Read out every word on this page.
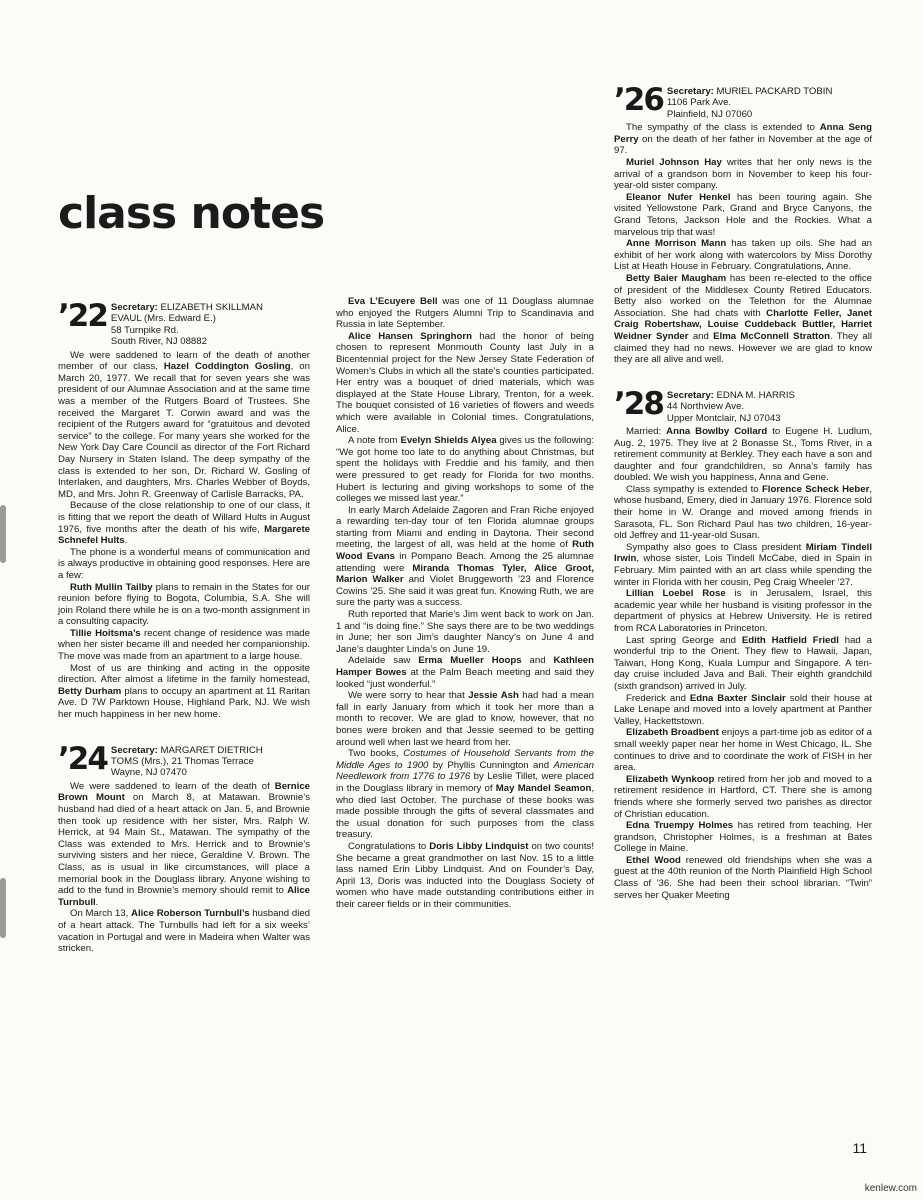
class notes
’22 Secretary: ELIZABETH SKILLMAN
EVAUL (Mrs. Edward E.)
58 Turnpike Rd.
South River, NJ 08882

We were saddened to learn of the death of another member of our class, Hazel Coddington Gosling, on March 20, 1977. We recall that for seven years she was president of our Alumnae Association and at the same time was a member of the Rutgers Board of Trustees. She received the Margaret T. Corwin award and was the recipient of the Rutgers award for “gratuitous and devoted service” to the college. For many years she worked for the New York Day Care Council as director of the Fort Richard Day Nursery in Staten Island. The deep sympathy of the class is extended to her son, Dr. Richard W. Gosling of Interlaken, and daughters, Mrs. Charles Webber of Boyds, MD, and Mrs. John R. Greenway of Carlisle Barracks, PA.

Because of the close relationship to one of our class, it is fitting that we report the death of Willard Hults in August 1976, five months after the death of his wife, Margarete Schnefel Hults.

The phone is a wonderful means of communication and is always productive in obtaining good responses. Here are a few:

Ruth Mullin Tailby plans to remain in the States for our reunion before flying to Bogota, Columbia, S.A. She will join Roland there while he is on a two-month assignment in a consulting capacity.

Tillie Hoitsma’s recent change of residence was made when her sister became ill and needed her companionship. The move was made from an apartment to a large house.

Most of us are thinking and acting in the opposite direction. After almost a lifetime in the family homestead, Betty Durham plans to occupy an apartment at 11 Raritan Ave. D 7W Parktown House, Highland Park, NJ. We wish her much happiness in her new home.

’24 Secretary: MARGARET DIETRICH
TOMS (Mrs.), 21 Thomas Terrace
Wayne, NJ 07470

We were saddened to learn of the death of Bernice Brown Mount on March 8, at Matawan. Brownie’s husband had died of a heart attack on Jan. 5, and Brownie then took up residence with her sister, Mrs. Ralph W. Herrick, at 94 Main St., Matawan. The sympathy of the Class was extended to Mrs. Herrick and to Brownie’s surviving sisters and her niece, Geraldine V. Brown. The Class, as is usual in like circumstances, will place a memorial book in the Douglass library. Anyone wishing to add to the fund in Brownie’s memory should remit to Alice Turnbull.

On March 13, Alice Roberson Turnbull’s husband died of a heart attack. The Turnbulls had left for a six weeks’ vacation in Portugal and were in Madeira when Walter was stricken.

Eva L’Ecuyere Bell was one of 11 Douglass alumnae who enjoyed the Rutgers Alumni Trip to Scandinavia and Russia in late September.

Alice Hansen Springhorn had the honor of being chosen to represent Monmouth County last July in a Bicentennial project for the New Jersey State Federation of Women’s Clubs in which all the state’s counties participated. Her entry was a bouquet of dried materials, which was displayed at the State House Library, Trenton, for a week. The bouquet consisted of 16 varieties of flowers and weeds which were available in Colonial times. Congratulations, Alice.

A note from Evelyn Shields Alyea gives us the following: “We got home too late to do anything about Christmas, but spent the holidays with Freddie and his family, and then were pressured to get ready for Florida for two months. Hubert is lecturing and giving workshops to some of the colleges we missed last year.”

In early March Adelaide Zagoren and Fran Riche enjoyed a rewarding ten-day tour of ten Florida alumnae groups starting from Miami and ending in Daytona. Their second meeting, the largest of all, was held at the home of Ruth Wood Evans in Pompano Beach. Among the 25 alumnae attending were Miranda Thomas Tyler, Alice Groot, Marion Walker and Violet Bruggeworth ’23 and Florence Cowins ’25. She said it was great fun. Knowing Ruth, we are sure the party was a success.

Ruth reported that Marie’s Jim went back to work on Jan. 1 and “is doing fine.” She says there are to be two weddings in June; her son Jim’s daughter Nancy’s on June 4 and Jane’s daughter Linda’s on June 19.

Adelaide saw Erma Mueller Hoops and Kathleen Hamper Bowes at the Palm Beach meeting and said they looked “just wonderful.”

We were sorry to hear that Jessie Ash had had a mean fall in early January from which it took her more than a month to recover. We are glad to know, however, that no bones were broken and that Jessie seemed to be getting around well when last we heard from her.

Two books, Costumes of Household Servants from the Middle Ages to 1900 by Phyllis Cunnington and American Needlework from 1776 to 1976 by Leslie Tillet, were placed in the Douglass library in memory of May Mandel Seamon, who died last October. The purchase of these books was made possible through the gifts of several classmates and the usual donation for such purposes from the class treasury.

Congratulations to Doris Libby Lindquist on two counts! She became a great grandmother on last Nov. 15 to a little lass named Erin Libby Lindquist. And on Founder’s Day, April 13, Doris was inducted into the Douglass Society of women who have made outstanding contributions either in their career fields or in their communities.

’26 Secretary: MURIEL PACKARD TOBIN
1106 Park Ave.
Plainfield, NJ 07060

The sympathy of the class is extended to Anna Seng Perry on the death of her father in November at the age of 97.

Muriel Johnson Hay writes that her only news is the arrival of a grandson born in November to keep his four-year-old sister company.

Eleanor Nufer Henkel has been touring again. She visited Yellowstone Park, Grand and Bryce Canyons, the Grand Tetons, Jackson Hole and the Rockies. What a marvelous trip that was!

Anne Morrison Mann has taken up oils. She had an exhibit of her work along with watercolors by Miss Dorothy List at Heath House in February. Congratulations, Anne.

Betty Baier Maugham has been re-elected to the office of president of the Middlesex County Retired Educators. Betty also worked on the Telethon for the Alumnae Association. She had chats with Charlotte Feller, Janet Craig Robertshaw, Louise Cuddeback Buttler, Harriet Weidner Synder and Elma McConnell Stratton. They all claimed they had no news. However we are glad to know they are all alive and well.

’28 Secretary: EDNA M. HARRIS
44 Northview Ave.
Upper Montclair, NJ 07043

Married: Anna Bowlby Collard to Eugene H. Ludlum, Aug. 2, 1975. They live at 2 Bonasse St., Toms River, in a retirement community at Berkley. They each have a son and daughter and four grandchildren, so Anna’s family has doubled. We wish you happiness, Anna and Gene.

Class sympathy is extended to Florence Scheck Heber, whose husband, Emery, died in January 1976. Florence sold their home in W. Orange and moved among friends in Sarasota, FL. Son Richard Paul has two children, 16-year-old Jeffrey and 11-year-old Susan.

Sympathy also goes to Class president Miriam Tindell Irwin, whose sister, Lois Tindell McCabe, died in Spain in February. Mim painted with an art class while spending the winter in Florida with her cousin, Peg Craig Wheeler ’27.

Lillian Loebel Rose is in Jerusalem, Israel, this academic year while her husband is visiting professor in the department of physics at Hebrew University. He is retired from RCA Laboratories in Princeton.

Last spring George and Edith Hatfield Friedl had a wonderful trip to the Orient. They flew to Hawaii, Japan, Taiwan, Hong Kong, Kuala Lumpur and Singapore. A ten-day cruise included Java and Bali. Their eighth grandchild (sixth grandson) arrived in July.

Frederick and Edna Baxter Sinclair sold their house at Lake Lenape and moved into a lovely apartment at Panther Valley, Hackettstown.

Elizabeth Broadbent enjoys a part-time job as editor of a small weekly paper near her home in West Chicago, IL. She continues to drive and to coordinate the work of FISH in her area.

Elizabeth Wynkoop retired from her job and moved to a retirement residence in Hartford, CT. There she is among friends where she formerly served two parishes as director of Christian education.

Edna Truempy Holmes has retired from teaching. Her grandson, Christopher Holmes, is a freshman at Bates College in Maine.

Ethel Wood renewed old friendships when she was a guest at the 40th reunion of the North Plainfield High School Class of ’36. She had been their school librarian. “Twin” serves her Quaker Meeting

11
kenlew.com
